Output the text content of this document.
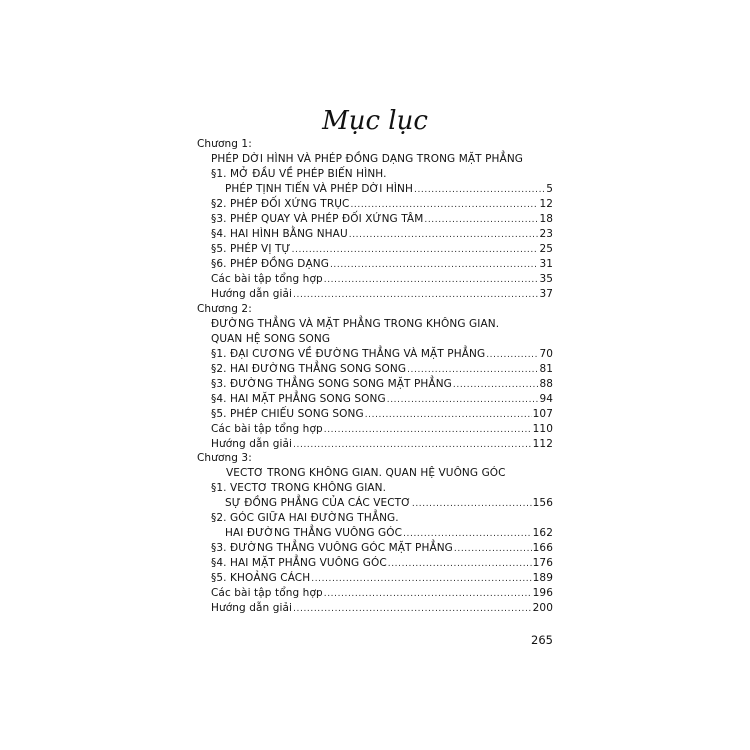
Mục lục
Chương 1:
PHÉP DỜI HÌNH VÀ PHÉP ĐỒNG DẠNG TRONG MẶT PHẲNG
§1. MỞ ĐẦU VỀ PHÉP BIẾN HÌNH.
PHÉP TỊNH TIẾN VÀ PHÉP DỜI HÌNH .....	5
§2. PHÉP ĐỐI XỨNG TRỤC .....	12
§3. PHÉP QUAY VÀ PHÉP ĐỐI XỨNG TÂM .....	18
§4. HAI HÌNH BẰNG NHAU .....	23
§5. PHÉP VỊ TỰ .....	25
§6. PHÉP ĐỒNG DẠNG .....	31
Các bài tập tổng hợp .....	35
Hướng dẫn giải .....	37
Chương 2:
ĐƯỜNG THẲNG VÀ MẶT PHẲNG TRONG KHÔNG GIAN.
QUAN HỆ SONG SONG
§1. ĐẠI CƯƠNG VỀ ĐƯỜNG THẲNG VÀ MẶT PHẲNG .....	70
§2. HAI ĐƯỜNG THẲNG SONG SONG .....	81
§3. ĐƯỜNG THẲNG SONG SONG MẶT PHẲNG .....	88
§4. HAI MẶT PHẲNG SONG SONG .....	94
§5. PHÉP CHIẾU SONG SONG .....	107
Các bài tập tổng hợp .....	110
Hướng dẫn giải .....	112
Chương 3:
VECTƠ TRONG KHÔNG GIAN. QUAN HỆ VUÔNG GÓC
§1. VECTƠ TRONG KHÔNG GIAN.
SỰ ĐỒNG PHẲNG CỦA CÁC VECTƠ .....	156
§2. GÓC GIỮA HAI ĐƯỜNG THẲNG.
HAI ĐƯỜNG THẲNG VUÔNG GÓC .....	162
§3. ĐƯỜNG THẲNG VUÔNG GÓC MẶT PHẲNG .....	166
§4. HAI MẶT PHẲNG VUÔNG GÓC .....	176
§5. KHOẢNG CÁCH .....	189
Các bài tập tổng hợp .....	196
Hướng dẫn giải .....	200
265
